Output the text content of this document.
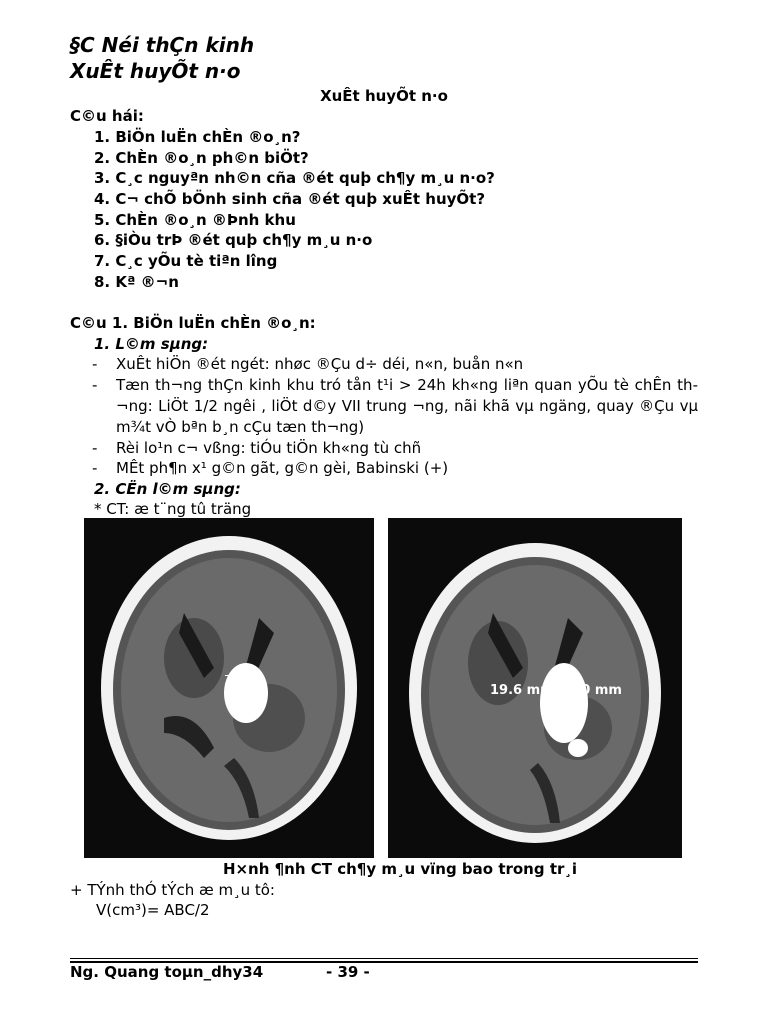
§C Néi thÇn kinh
XuÊt huyÕt n·o
XuÊt huyÕt n·o
C©u hái:
1. BiÖn luËn chÈn ®o¸n?
2. ChÈn ®o¸n ph©n biÖt?
3. C¸c nguyªn nh©n cña ®ét quþ ch¶y m¸u n·o?
4. C¬ chÕ bÖnh sinh cña ®ét quþ xuÊt huyÕt?
5. ChÈn ®o¸n ®Þnh khu
6. §iÒu trÞ ®ét quþ ch¶y m¸u n·o
7. C¸c yÕu tè tiªn lîng
8. Kª ®¬n
C©u 1. BiÖn luËn chÈn ®o¸n:
1. L©m sµng:
- XuÊt hiÖn ®ét ngét: nhøc ®Çu d÷ déi, n«n, buån n«n
- Tæn th¬ng thÇn kinh khu tró tån t¹i > 24h kh«ng liªn quan yÕu tè chÊn th¬ng: LiÖt 1/2 ngêi , liÖt d©y VII trung ¬ng, nãi khã vµ ngäng, quay ®Çu vµ m¾t vÒ bªn b¸n cÇu tæn th¬ng)
- Rèi lo¹n c¬ vßng: tiÓu tiÖn kh«ng tù chñ
- MÊt ph¶n x¹ g©n gãt, g©n gèi, Babinski (+)
2. CËn l©m sµng:
* CT: æ t¨ng tû träng
7
19.6 mm 18.0 mm
H×nh ¶nh CT ch¶y m¸u vïng bao trong tr¸i
+ TÝnh thÓ tÝch æ m¸u tô:
V(cm³)= ABC/2
Ng. Quang toµn_dhy34	- 39 -
